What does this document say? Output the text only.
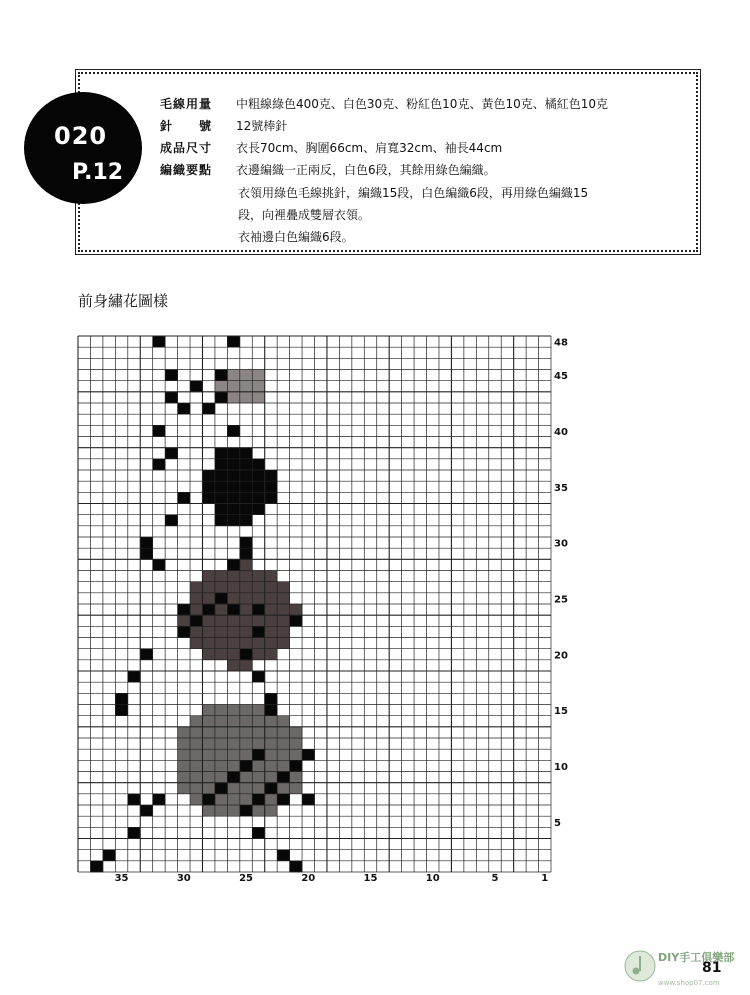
020
P.12
毛線用量 中粗線綠色400克、白色30克、粉紅色10克、黃色10克、橘紅色10克
針　　號 12號棒針
成品尺寸 衣長70cm、胸圍66cm、肩寬32cm、袖長44cm
編織要點 衣邊編織一正兩反，白色6段，其餘用綠色編織。
衣領用綠色毛線挑針，編織15段，白色編織6段，再用綠色編織15
段，向裡疊成雙層衣領。
衣袖邊白色編織6段。
前身繡花圖樣
35	30	25	20	15	10	5	1
48
45
40
35
30
25
20
15
10
5
DIY手工俱樂部
www.shop07.com
81
